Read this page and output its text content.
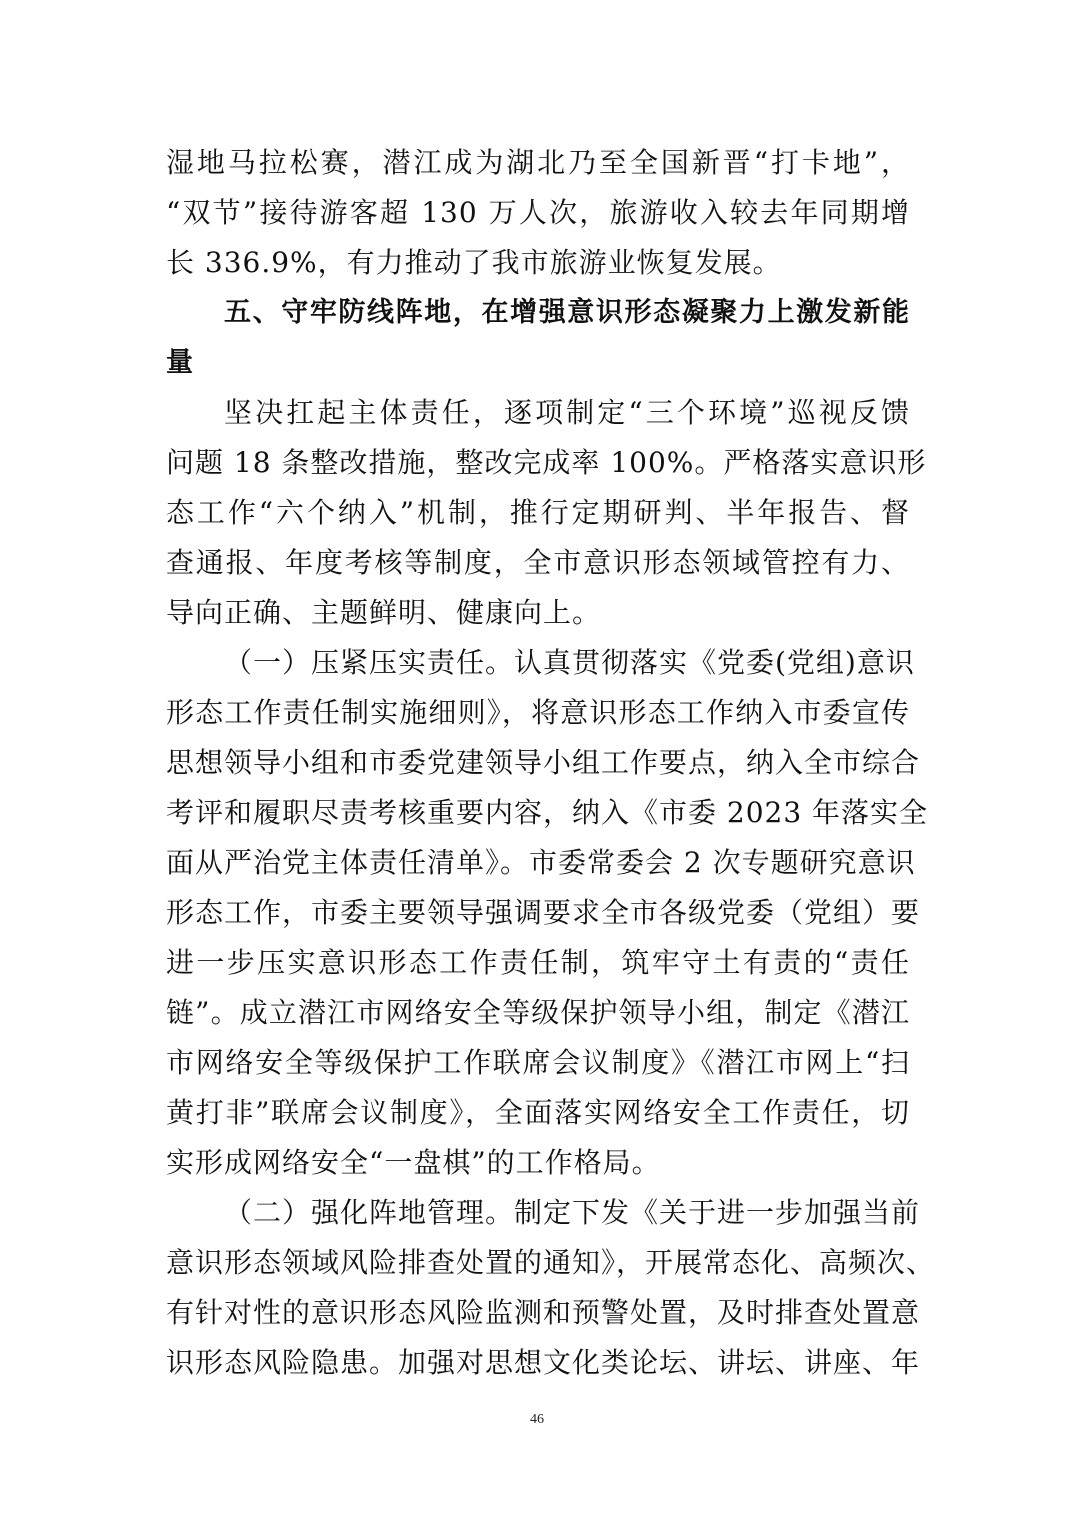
湿地马拉松赛，潜江成为湖北乃至全国新晋“打卡地”，
“双节”接待游客超 130 万人次，旅游收入较去年同期增
长 336.9%，有力推动了我市旅游业恢复发展。
五、守牢防线阵地，在增强意识形态凝聚力上激发新能
量
坚决扛起主体责任，逐项制定“三个环境”巡视反馈
问题 18 条整改措施，整改完成率 100%。严格落实意识形
态工作“六个纳入”机制，推行定期研判、半年报告、督
查通报、年度考核等制度，全市意识形态领域管控有力、
导向正确、主题鲜明、健康向上。
（一）压紧压实责任。认真贯彻落实《党委(党组)意识
形态工作责任制实施细则》，将意识形态工作纳入市委宣传
思想领导小组和市委党建领导小组工作要点，纳入全市综合
考评和履职尽责考核重要内容，纳入《市委 2023 年落实全
面从严治党主体责任清单》。市委常委会 2 次专题研究意识
形态工作，市委主要领导强调要求全市各级党委（党组）要
进一步压实意识形态工作责任制，筑牢守土有责的“责任
链”。成立潜江市网络安全等级保护领导小组，制定《潜江
市网络安全等级保护工作联席会议制度》《潜江市网上“扫
黄打非”联席会议制度》，全面落实网络安全工作责任，切
实形成网络安全“一盘棋”的工作格局。
（二）强化阵地管理。制定下发《关于进一步加强当前
意识形态领域风险排查处置的通知》，开展常态化、高频次、
有针对性的意识形态风险监测和预警处置，及时排查处置意
识形态风险隐患。加强对思想文化类论坛、讲坛、讲座、年
46
